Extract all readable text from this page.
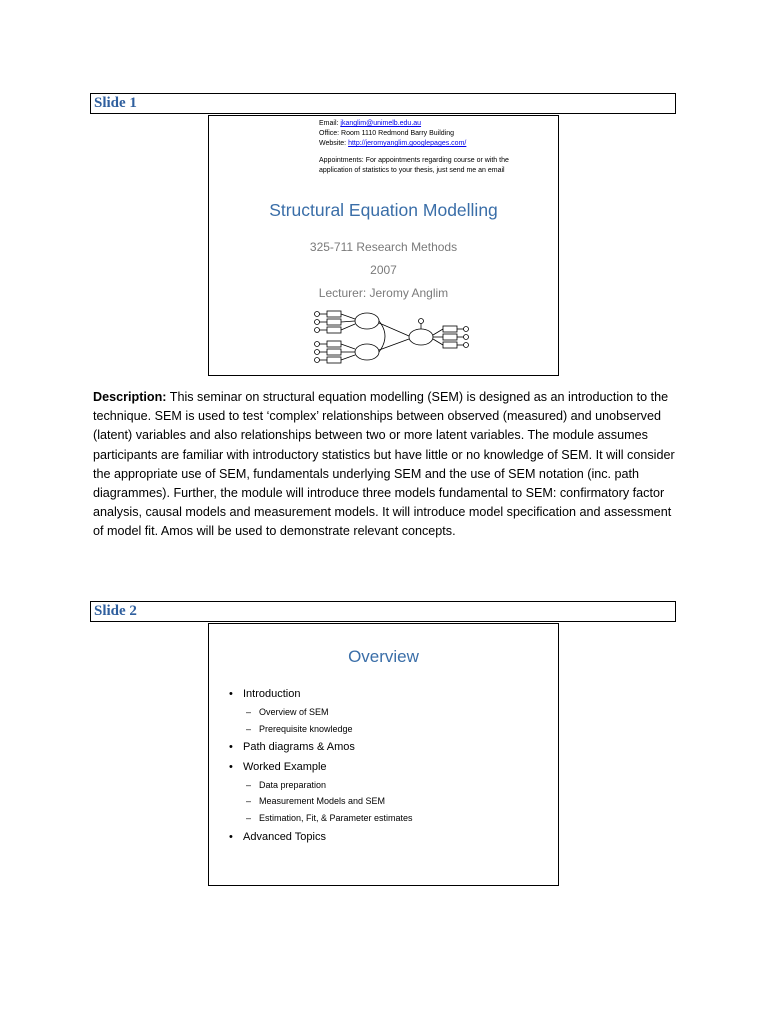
Slide 1
Email: jkanglim@unimelb.edu.au
Office: Room 1110 Redmond Barry Building
Website: http://jeromyanglim.googlepages.com/
Appointments: For appointments regarding course or with the
application of statistics to your thesis, just send me an email
Structural Equation Modelling
325-711 Research Methods
2007
Lecturer: Jeromy Anglim
Description: This seminar on structural equation modelling (SEM) is designed as an introduction to the technique. SEM is used to test ‘complex’ relationships between observed (measured) and unobserved (latent) variables and also relationships between two or more latent variables. The module assumes participants are familiar with introductory statistics but have little or no knowledge of SEM. It will consider the appropriate use of SEM, fundamentals underlying SEM and the use of SEM notation (inc. path diagrammes). Further, the module will introduce three models fundamental to SEM: confirmatory factor analysis, causal models and measurement models. It will introduce model specification and assessment of model fit. Amos will be used to demonstrate relevant concepts.
Slide 2
Overview
• Introduction
– Overview of SEM
– Prerequisite knowledge
• Path diagrams & Amos
• Worked Example
– Data preparation
– Measurement Models and SEM
– Estimation, Fit, & Parameter estimates
• Advanced Topics
